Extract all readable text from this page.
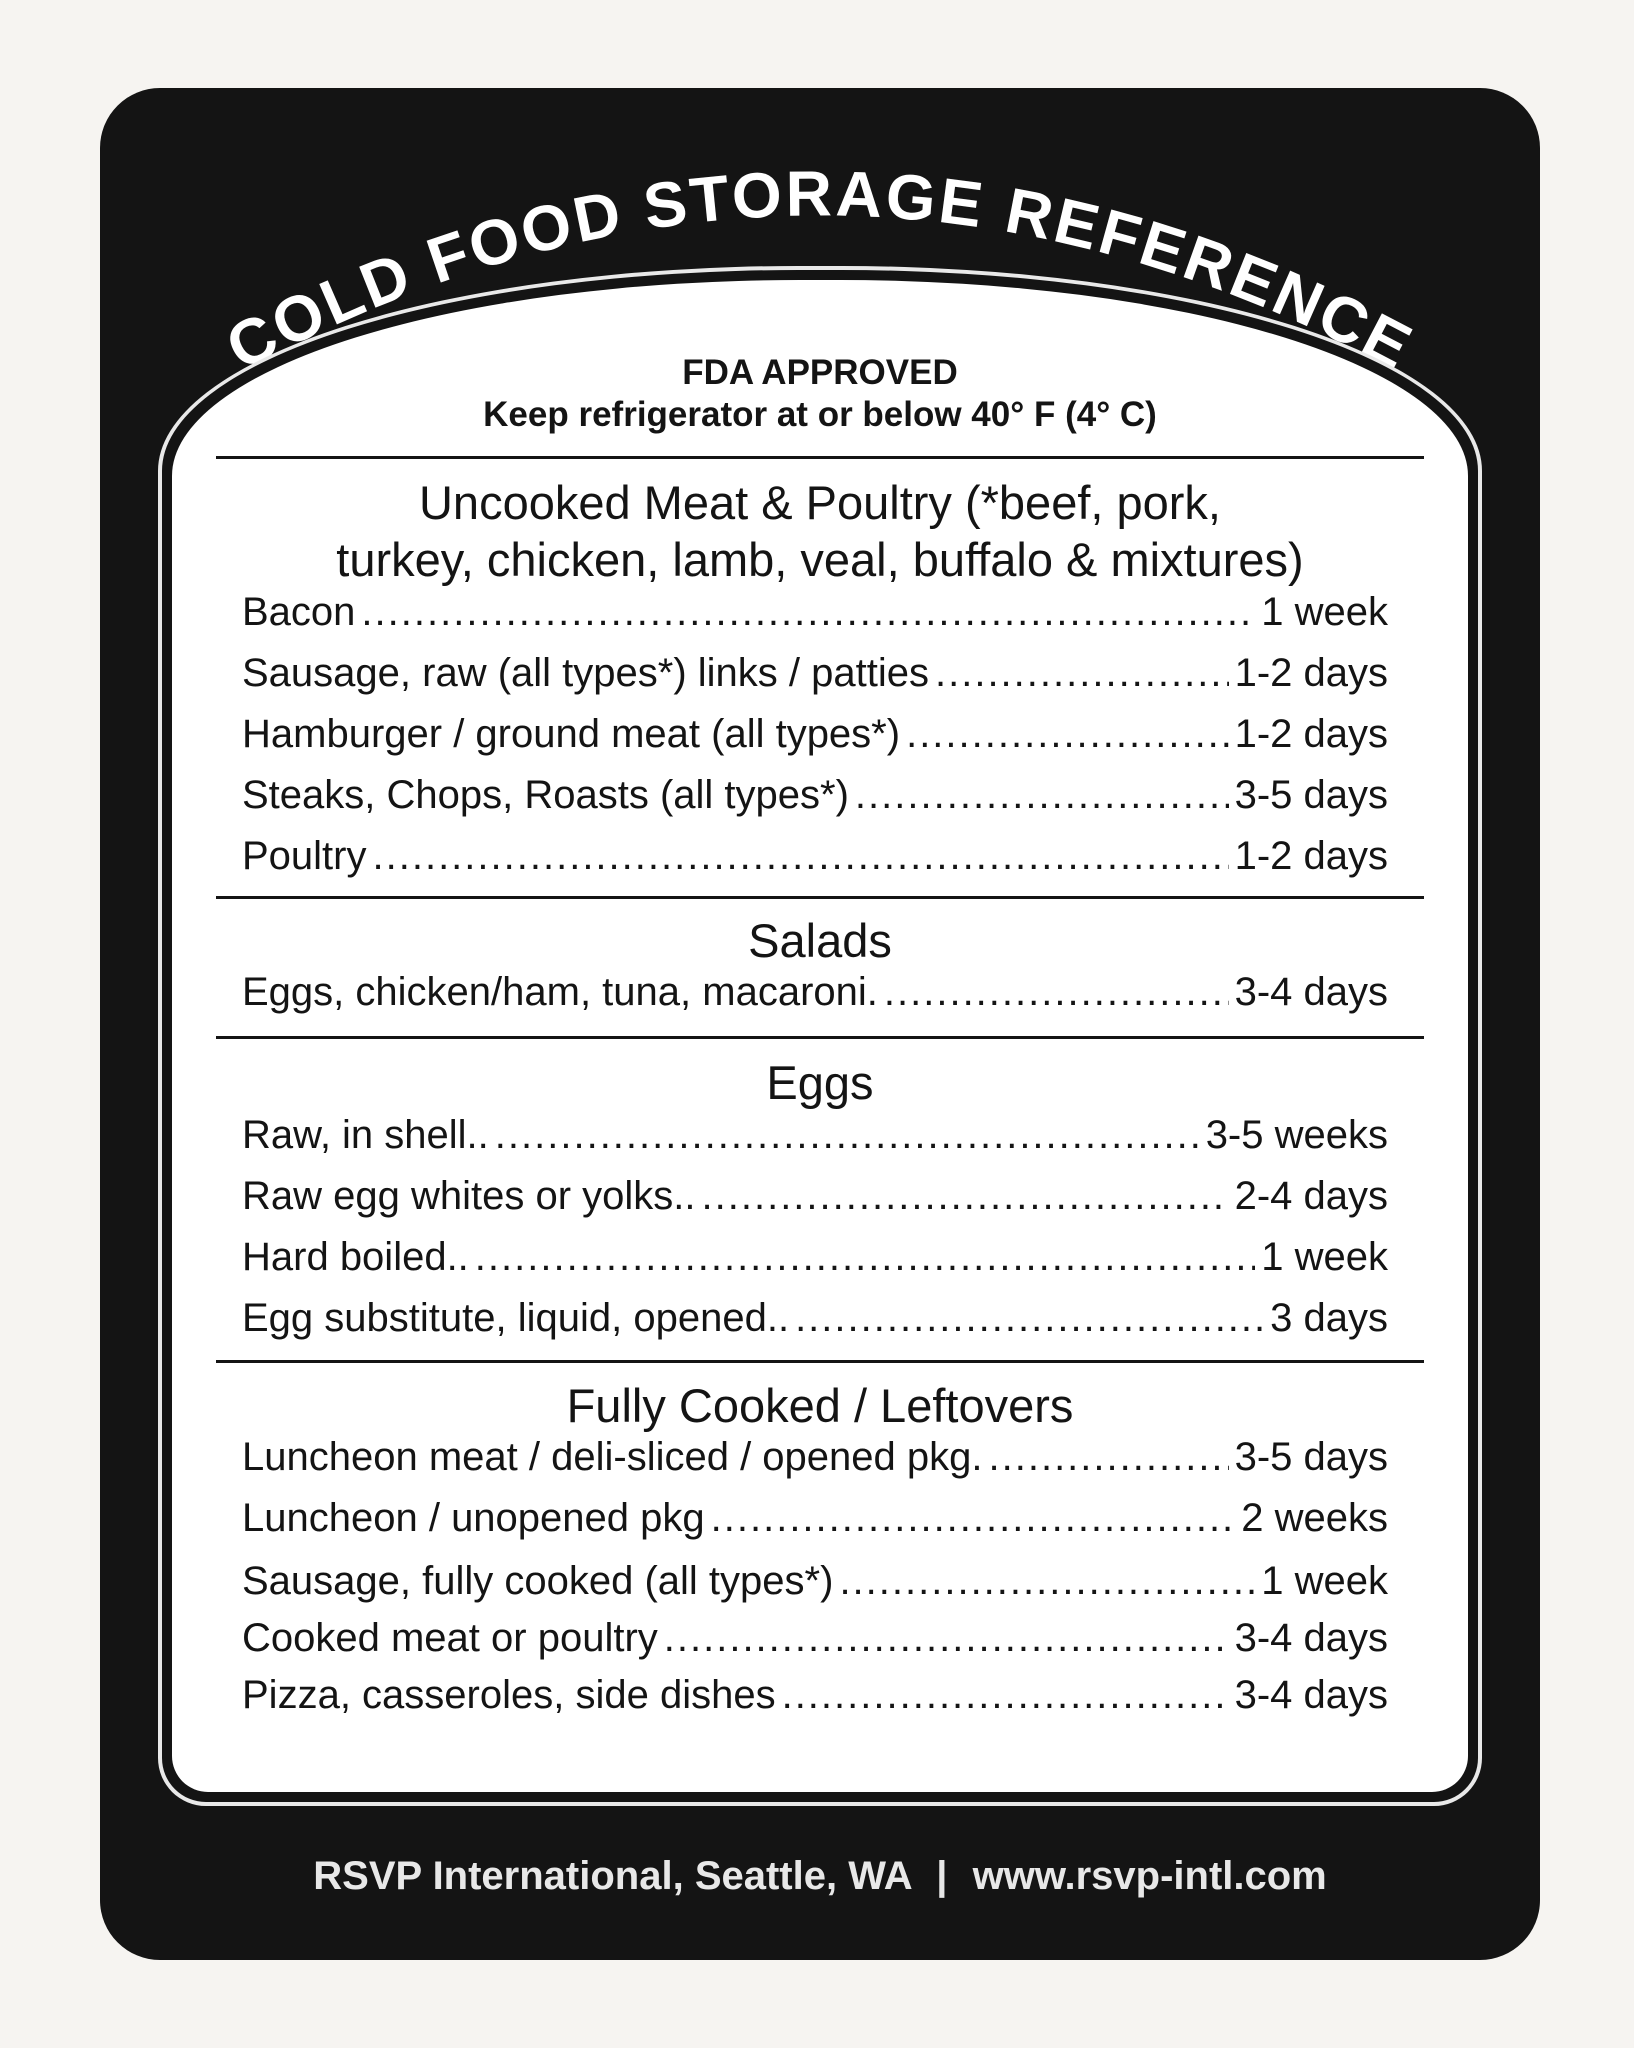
COLD FOOD STORAGE REFERENCE
FDA APPROVED
Keep refrigerator at or below 40° F (4° C)
Uncooked Meat & Poultry (*beef, pork,
turkey, chicken, lamb, veal, buffalo & mixtures)
Bacon .....	1 week
Sausage, raw (all types*) links / patties .....	1-2 days
Hamburger / ground meat (all types*) .....	1-2 days
Steaks, Chops, Roasts (all types*) .....	3-5 days
Poultry .....	1-2 days
Salads
Eggs, chicken/ham, tuna, macaroni. .....	3-4 days
Eggs
Raw, in shell.. .....	3-5 weeks
Raw egg whites or yolks.. .....	2-4 days
Hard boiled.. .....	1 week
Egg substitute, liquid, opened.. .....	3 days
Fully Cooked / Leftovers
Luncheon meat / deli-sliced / opened pkg. .....	3-5 days
Luncheon / unopened pkg .....	2 weeks
Sausage, fully cooked (all types*) .....	1 week
Cooked meat or poultry .....	3-4 days
Pizza, casseroles, side dishes .....	3-4 days
RSVP International, Seattle, WA | www.rsvp-intl.com
